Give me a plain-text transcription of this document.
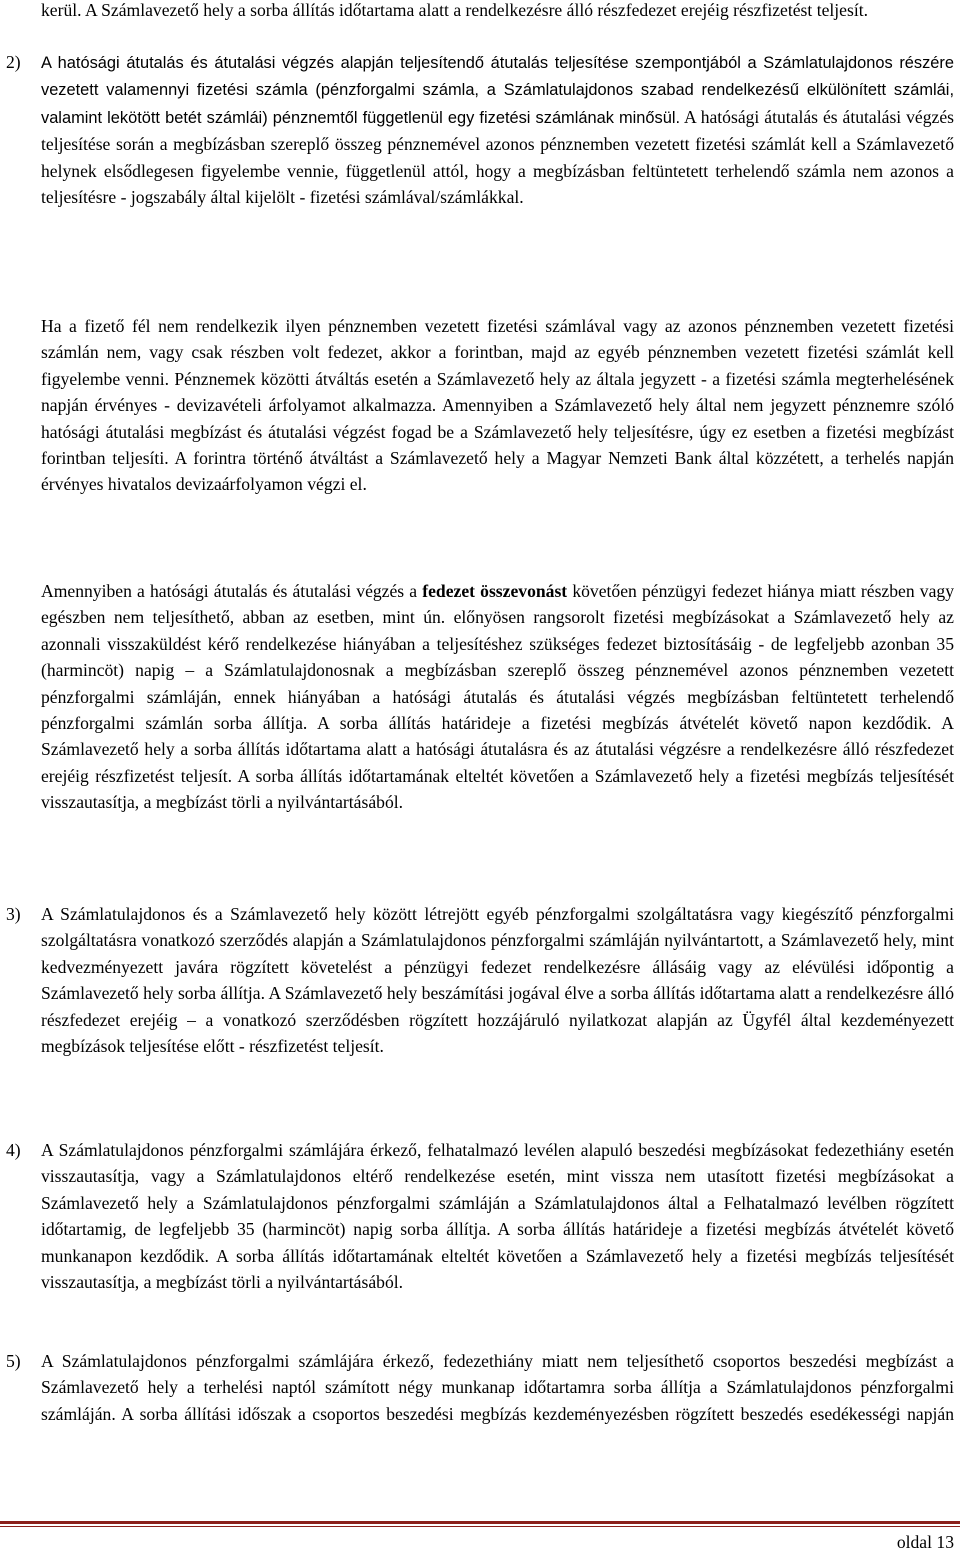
kerül. A Számlavezető hely a sorba állítás időtartama alatt a rendelkezésre álló részfedezet erejéig részfizetést teljesít.

2) A hatósági átutalás és átutalási végzés alapján teljesítendő átutalás teljesítése szempontjából a Számlatulajdonos részére vezetett valamennyi fizetési számla (pénzforgalmi számla, a Számlatulajdonos szabad rendelkezésű elkülönített számlái, valamint lekötött betét számlái) pénznemtől függetlenül egy fizetési számlának minősül. A hatósági átutalás és átutalási végzés teljesítése során a megbízásban szereplő összeg pénznemével azonos pénznemben vezetett fizetési számlát kell a Számlavezető helynek elsődlegesen figyelembe vennie, függetlenül attól, hogy a megbízásban feltüntetett terhelendő számla nem azonos a teljesítésre - jogszabály által kijelölt - fizetési számlával/számlákkal.

Ha a fizető fél nem rendelkezik ilyen pénznemben vezetett fizetési számlával vagy az azonos pénznemben vezetett fizetési számlán nem, vagy csak részben volt fedezet, akkor a forintban, majd az egyéb pénznemben vezetett fizetési számlát kell figyelembe venni. Pénznemek közötti átváltás esetén a Számlavezető hely az általa jegyzett - a fizetési számla megterhelésének napján érvényes - devizavételi árfolyamot alkalmazza. Amennyiben a Számlavezető hely által nem jegyzett pénznemre szóló hatósági átutalási megbízást és átutalási végzést fogad be a Számlavezető hely teljesítésre, úgy ez esetben a fizetési megbízást forintban teljesíti. A forintra történő átváltást a Számlavezető hely a Magyar Nemzeti Bank által közzétett, a terhelés napján érvényes hivatalos devizaárfolyamon végzi el.

Amennyiben a hatósági átutalás és átutalási végzés a fedezet összevonást követően pénzügyi fedezet hiánya miatt részben vagy egészben nem teljesíthető, abban az esetben, mint ún. előnyösen rangsorolt fizetési megbízásokat a Számlavezető hely az azonnali visszaküldést kérő rendelkezése hiányában a teljesítéshez szükséges fedezet biztosításáig - de legfeljebb azonban 35 (harmincöt) napig – a Számlatulajdonosnak a megbízásban szereplő összeg pénznemével azonos pénznemben vezetett pénzforgalmi számláján, ennek hiányában a hatósági átutalás és átutalási végzés megbízásban feltüntetett terhelendő pénzforgalmi számlán sorba állítja. A sorba állítás határideje a fizetési megbízás átvételét követő napon kezdődik. A Számlavezető hely a sorba állítás időtartama alatt a hatósági átutalásra és az átutalási végzésre a rendelkezésre álló részfedezet erejéig részfizetést teljesít. A sorba állítás időtartamának elteltét követően a Számlavezető hely a fizetési megbízás teljesítését visszautasítja, a megbízást törli a nyilvántartásából.

3) A Számlatulajdonos és a Számlavezető hely között létrejött egyéb pénzforgalmi szolgáltatásra vagy kiegészítő pénzforgalmi szolgáltatásra vonatkozó szerződés alapján a Számlatulajdonos pénzforgalmi számláján nyilvántartott, a Számlavezető hely, mint kedvezményezett javára rögzített követelést a pénzügyi fedezet rendelkezésre állásáig vagy az elévülési időpontig a Számlavezető hely sorba állítja. A Számlavezető hely beszámítási jogával élve a sorba állítás időtartama alatt a rendelkezésre álló részfedezet erejéig – a vonatkozó szerződésben rögzített hozzájáruló nyilatkozat alapján az Ügyfél által kezdeményezett megbízások teljesítése előtt - részfizetést teljesít.

4) A Számlatulajdonos pénzforgalmi számlájára érkező, felhatalmazó levélen alapuló beszedési megbízásokat fedezethiány esetén visszautasítja, vagy a Számlatulajdonos eltérő rendelkezése esetén, mint vissza nem utasított fizetési megbízásokat a Számlavezető hely a Számlatulajdonos pénzforgalmi számláján a Számlatulajdonos által a Felhatalmazó levélben rögzített időtartamig, de legfeljebb 35 (harmincöt) napig sorba állítja. A sorba állítás határideje a fizetési megbízás átvételét követő munkanapon kezdődik. A sorba állítás időtartamának elteltét követően a Számlavezető hely a fizetési megbízás teljesítését visszautasítja, a megbízást törli a nyilvántartásából.

5) A Számlatulajdonos pénzforgalmi számlájára érkező, fedezethiány miatt nem teljesíthető csoportos beszedési megbízást a Számlavezető hely a terhelési naptól számított négy munkanap időtartamra sorba állítja a Számlatulajdonos pénzforgalmi számláján. A sorba állítási időszak a csoportos beszedési megbízás kezdeményezésben rögzített beszedés esedékességi napján

oldal 13
